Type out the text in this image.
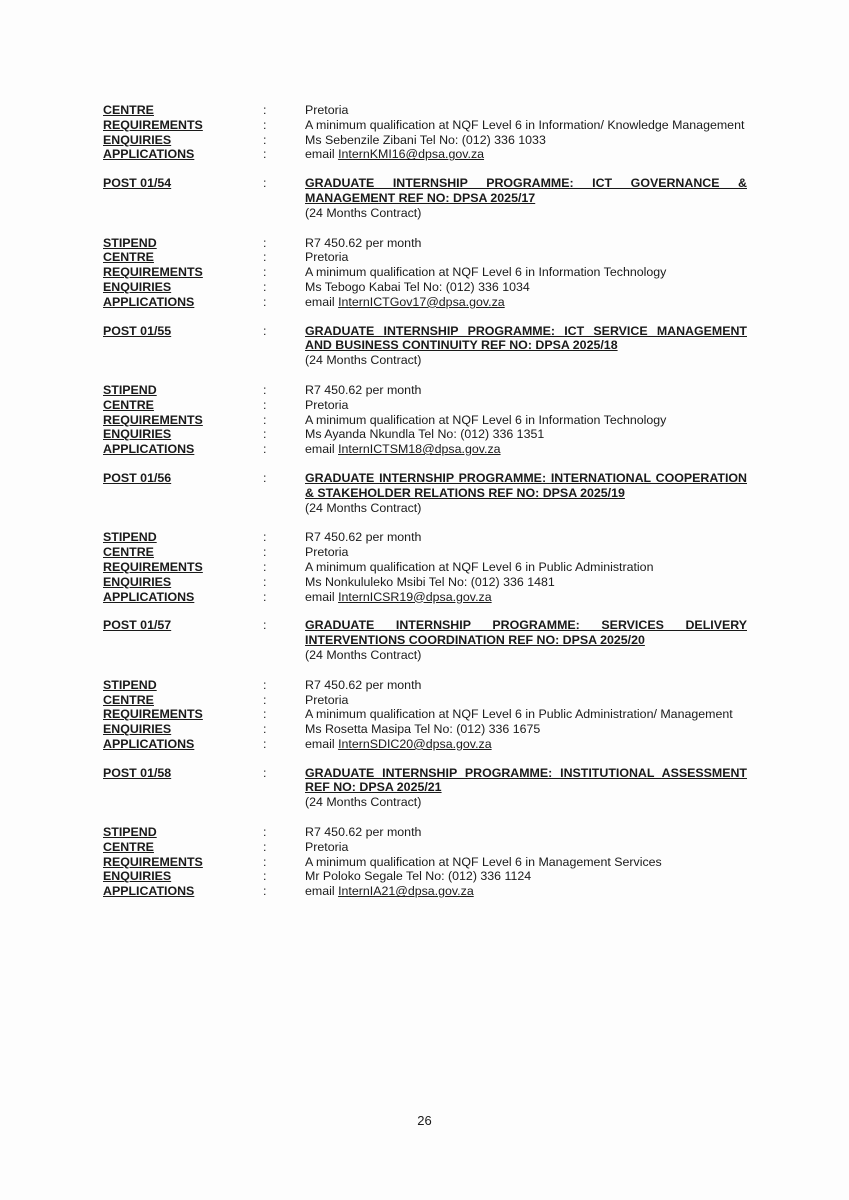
CENTRE	:	Pretoria
REQUIREMENTS	:	A minimum qualification at NQF Level 6 in Information/ Knowledge Management
ENQUIRIES	:	Ms Sebenzile Zibani Tel No: (012) 336 1033
APPLICATIONS	:	email InternKMI16@dpsa.gov.za
POST 01/54	:	GRADUATE INTERNSHIP PROGRAMME: ICT GOVERNANCE & MANAGEMENT REF NO: DPSA 2025/17
(24 Months Contract)
STIPEND	:	R7 450.62 per month
CENTRE	:	Pretoria
REQUIREMENTS	:	A minimum qualification at NQF Level 6 in Information Technology
ENQUIRIES	:	Ms Tebogo Kabai Tel No: (012) 336 1034
APPLICATIONS	:	email InternICTGov17@dpsa.gov.za
POST 01/55	:	GRADUATE INTERNSHIP PROGRAMME: ICT SERVICE MANAGEMENT AND BUSINESS CONTINUITY REF NO: DPSA 2025/18
(24 Months Contract)
STIPEND	:	R7 450.62 per month
CENTRE	:	Pretoria
REQUIREMENTS	:	A minimum qualification at NQF Level 6 in Information Technology
ENQUIRIES	:	Ms Ayanda Nkundla Tel No: (012) 336 1351
APPLICATIONS	:	email InternICTSM18@dpsa.gov.za
POST 01/56	:	GRADUATE INTERNSHIP PROGRAMME: INTERNATIONAL COOPERATION & STAKEHOLDER RELATIONS REF NO: DPSA 2025/19
(24 Months Contract)
STIPEND	:	R7 450.62 per month
CENTRE	:	Pretoria
REQUIREMENTS	:	A minimum qualification at NQF Level 6 in Public Administration
ENQUIRIES	:	Ms Nonkululeko Msibi Tel No: (012) 336 1481
APPLICATIONS	:	email InternICSR19@dpsa.gov.za
POST 01/57	:	GRADUATE INTERNSHIP PROGRAMME: SERVICES DELIVERY INTERVENTIONS COORDINATION REF NO: DPSA 2025/20
(24 Months Contract)
STIPEND	:	R7 450.62 per month
CENTRE	:	Pretoria
REQUIREMENTS	:	A minimum qualification at NQF Level 6 in Public Administration/ Management
ENQUIRIES	:	Ms Rosetta Masipa Tel No: (012) 336 1675
APPLICATIONS	:	email InternSDIC20@dpsa.gov.za
POST 01/58	:	GRADUATE INTERNSHIP PROGRAMME: INSTITUTIONAL ASSESSMENT REF NO: DPSA 2025/21
(24 Months Contract)
STIPEND	:	R7 450.62 per month
CENTRE	:	Pretoria
REQUIREMENTS	:	A minimum qualification at NQF Level 6 in Management Services
ENQUIRIES	:	Mr Poloko Segale Tel No: (012) 336 1124
APPLICATIONS	:	email InternIA21@dpsa.gov.za
26
